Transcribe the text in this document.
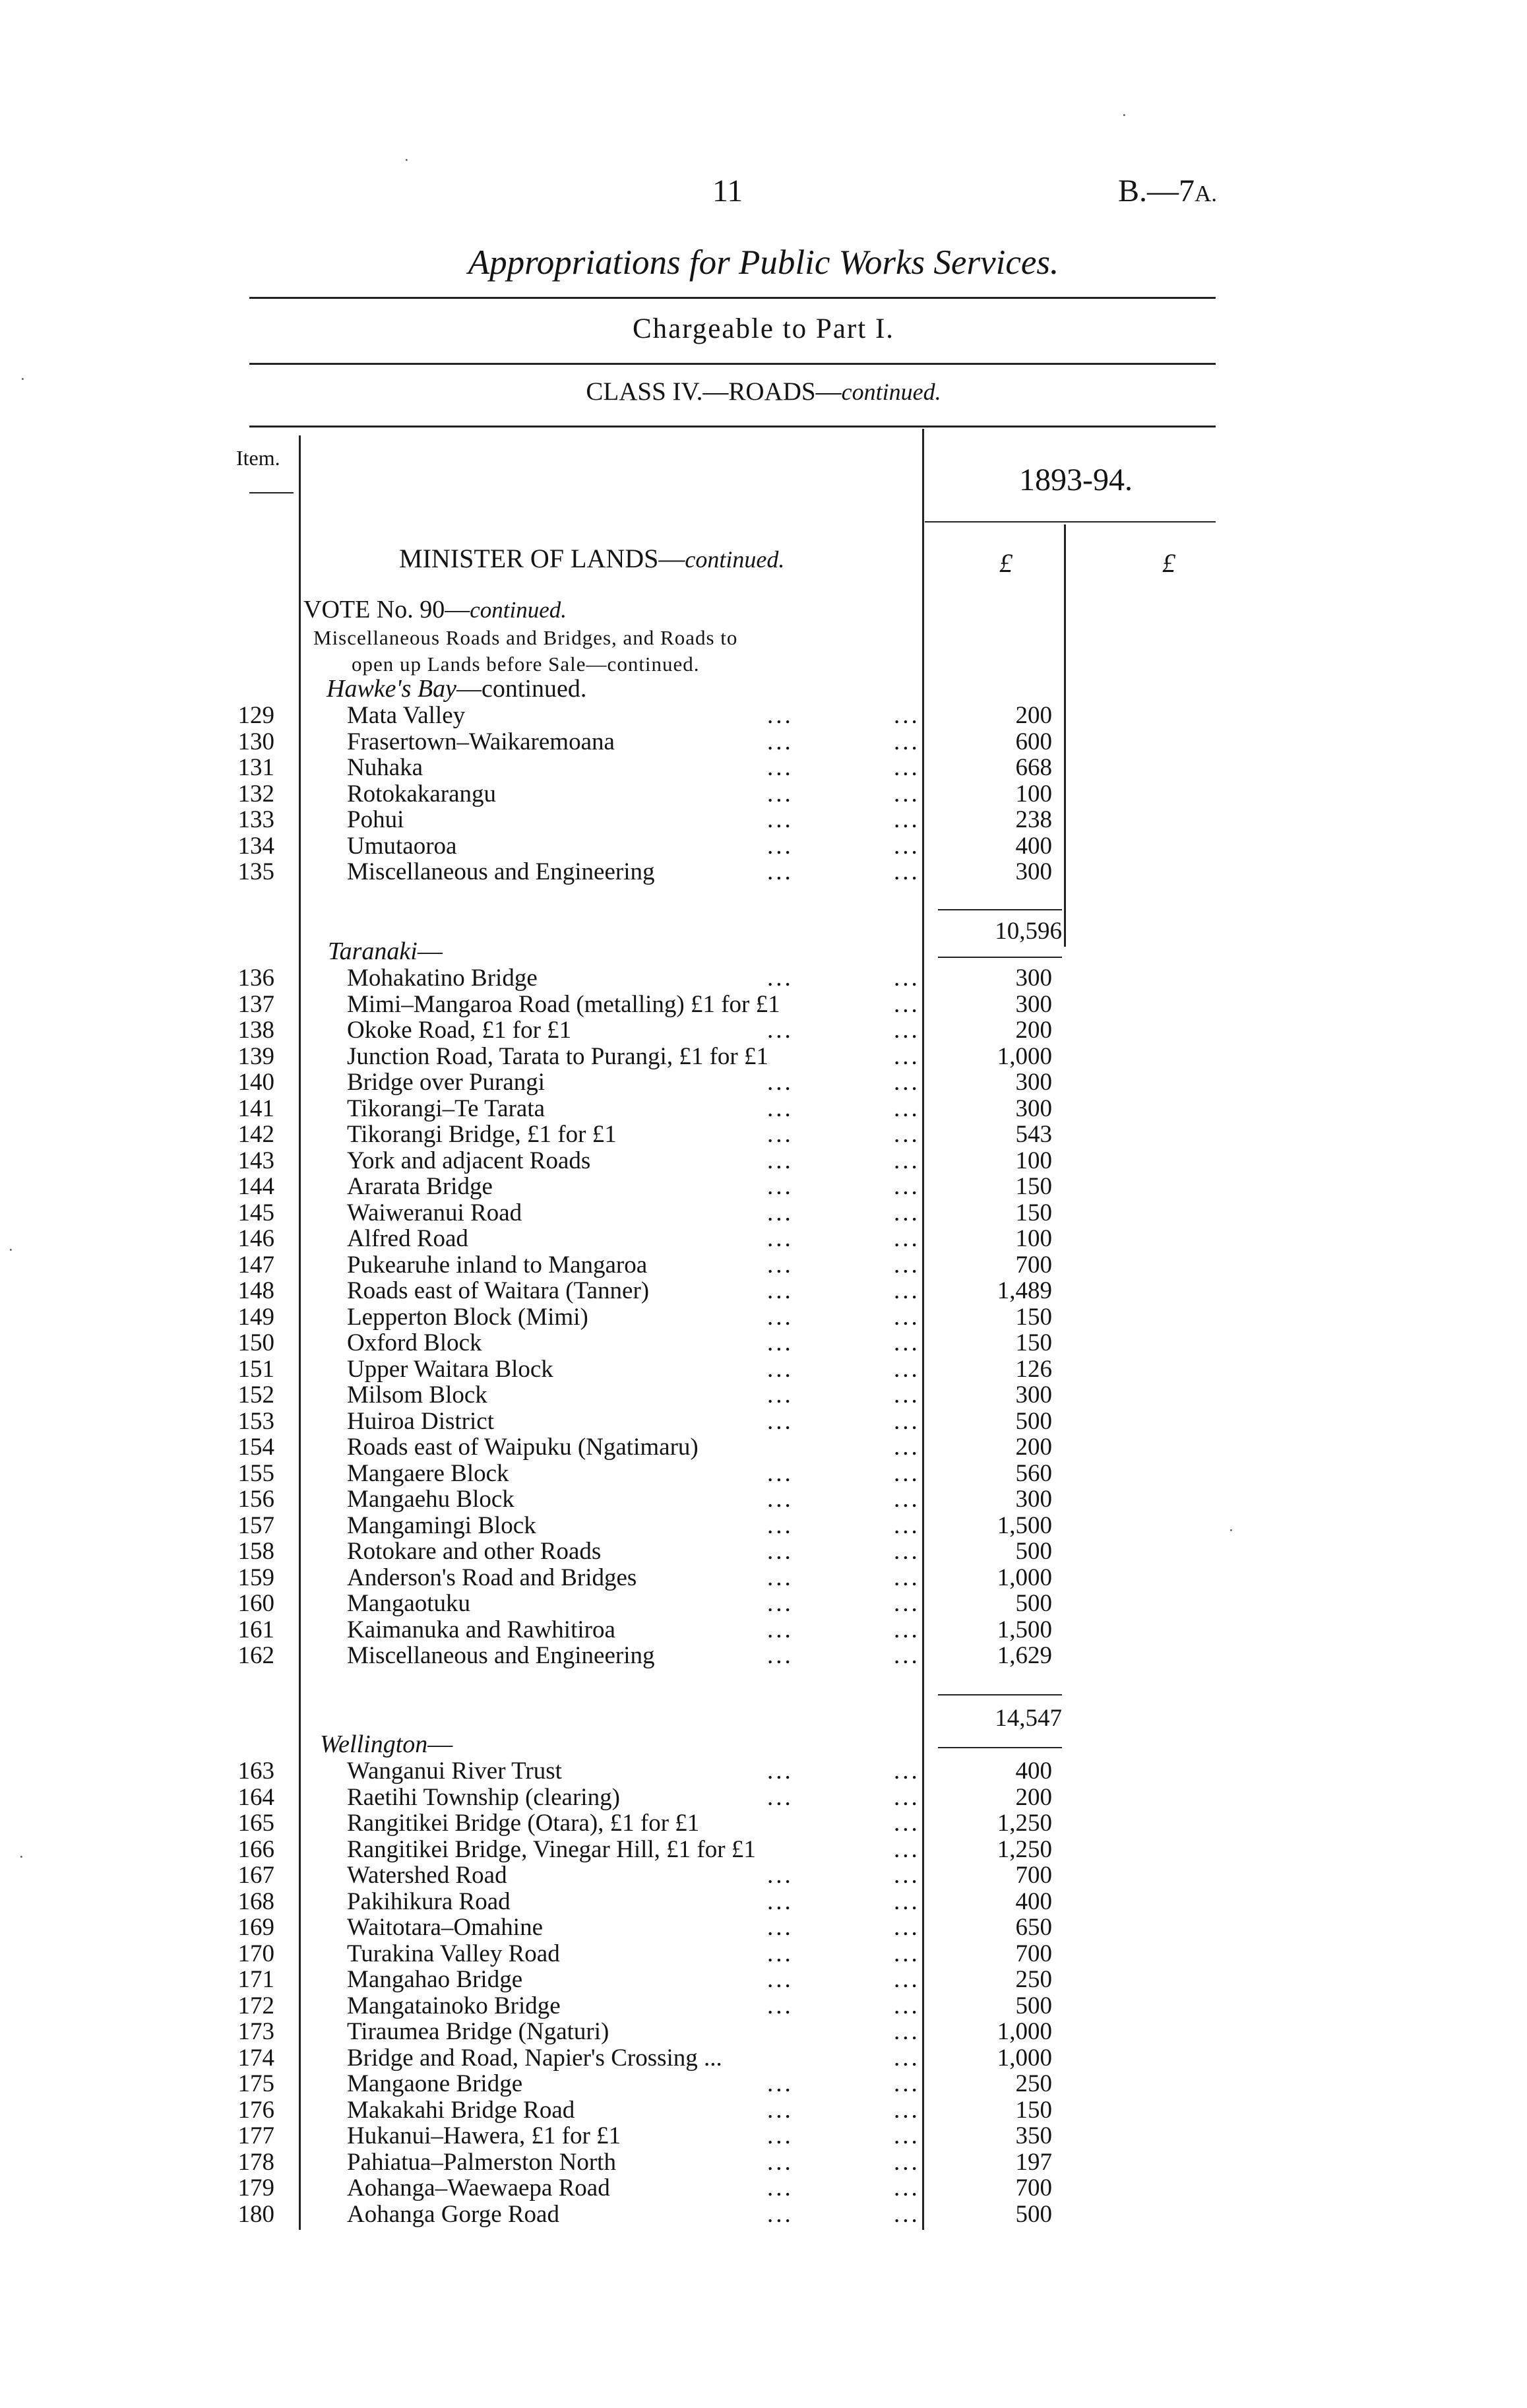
11	B.—7A.
Appropriations for Public Works Services.
Chargeable to Part I.
CLASS IV.—ROADS—continued.
Item.
1893-94.
£	£
MINISTER OF LANDS—continued.
VOTE No. 90—continued.
Miscellaneous Roads and Bridges, and Roads to
open up Lands before Sale—continued.
Hawke's Bay—continued.
129	Mata Valley	...	...	200
130	Frasertown–Waikaremoana	...	...	600
131	Nuhaka	...	...	668
132	Rotokakarangu	...	...	100
133	Pohui	...	...	238
134	Umutaoroa	...	...	400
135	Miscellaneous and Engineering	...	...	300
10,596
Taranaki—
136	Mohakatino Bridge	...	...	300
137	Mimi–Mangaroa Road (metalling) £1 for £1	...	300
138	Okoke Road, £1 for £1	...	...	200
139	Junction Road, Tarata to Purangi, £1 for £1	...	1,000
140	Bridge over Purangi	...	...	300
141	Tikorangi–Te Tarata	...	...	300
142	Tikorangi Bridge, £1 for £1	...	...	543
143	York and adjacent Roads	...	...	100
144	Ararata Bridge	...	...	150
145	Waiweranui Road	...	...	150
146	Alfred Road	...	...	100
147	Pukearuhe inland to Mangaroa	...	...	700
148	Roads east of Waitara (Tanner)	...	...	1,489
149	Lepperton Block (Mimi)	...	...	150
150	Oxford Block	...	...	150
151	Upper Waitara Block	...	...	126
152	Milsom Block	...	...	300
153	Huiroa District	...	...	500
154	Roads east of Waipuku (Ngatimaru)	...	200
155	Mangaere Block	...	...	560
156	Mangaehu Block	...	...	300
157	Mangamingi Block	...	...	1,500
158	Rotokare and other Roads	...	...	500
159	Anderson's Road and Bridges	...	...	1,000
160	Mangaotuku	...	...	500
161	Kaimanuka and Rawhitiroa	...	...	1,500
162	Miscellaneous and Engineering	...	...	1,629
14,547
Wellington—
163	Wanganui River Trust	...	...	400
164	Raetihi Township (clearing)	...	...	200
165	Rangitikei Bridge (Otara), £1 for £1	...	1,250
166	Rangitikei Bridge, Vinegar Hill, £1 for £1	...	1,250
167	Watershed Road	...	...	700
168	Pakihikura Road	...	...	400
169	Waitotara–Omahine	...	...	650
170	Turakina Valley Road	...	...	700
171	Mangahao Bridge	...	...	250
172	Mangatainoko Bridge	...	...	500
173	Tiraumea Bridge (Ngaturi)	...	1,000
174	Bridge and Road, Napier's Crossing ...	...	1,000
175	Mangaone Bridge	...	...	250
176	Makakahi Bridge Road	...	...	150
177	Hukanui–Hawera, £1 for £1	...	...	350
178	Pahiatua–Palmerston North	...	...	197
179	Aohanga–Waewaepa Road	...	...	700
180	Aohanga Gorge Road	...	...	500
·
·
·
·
·
·
